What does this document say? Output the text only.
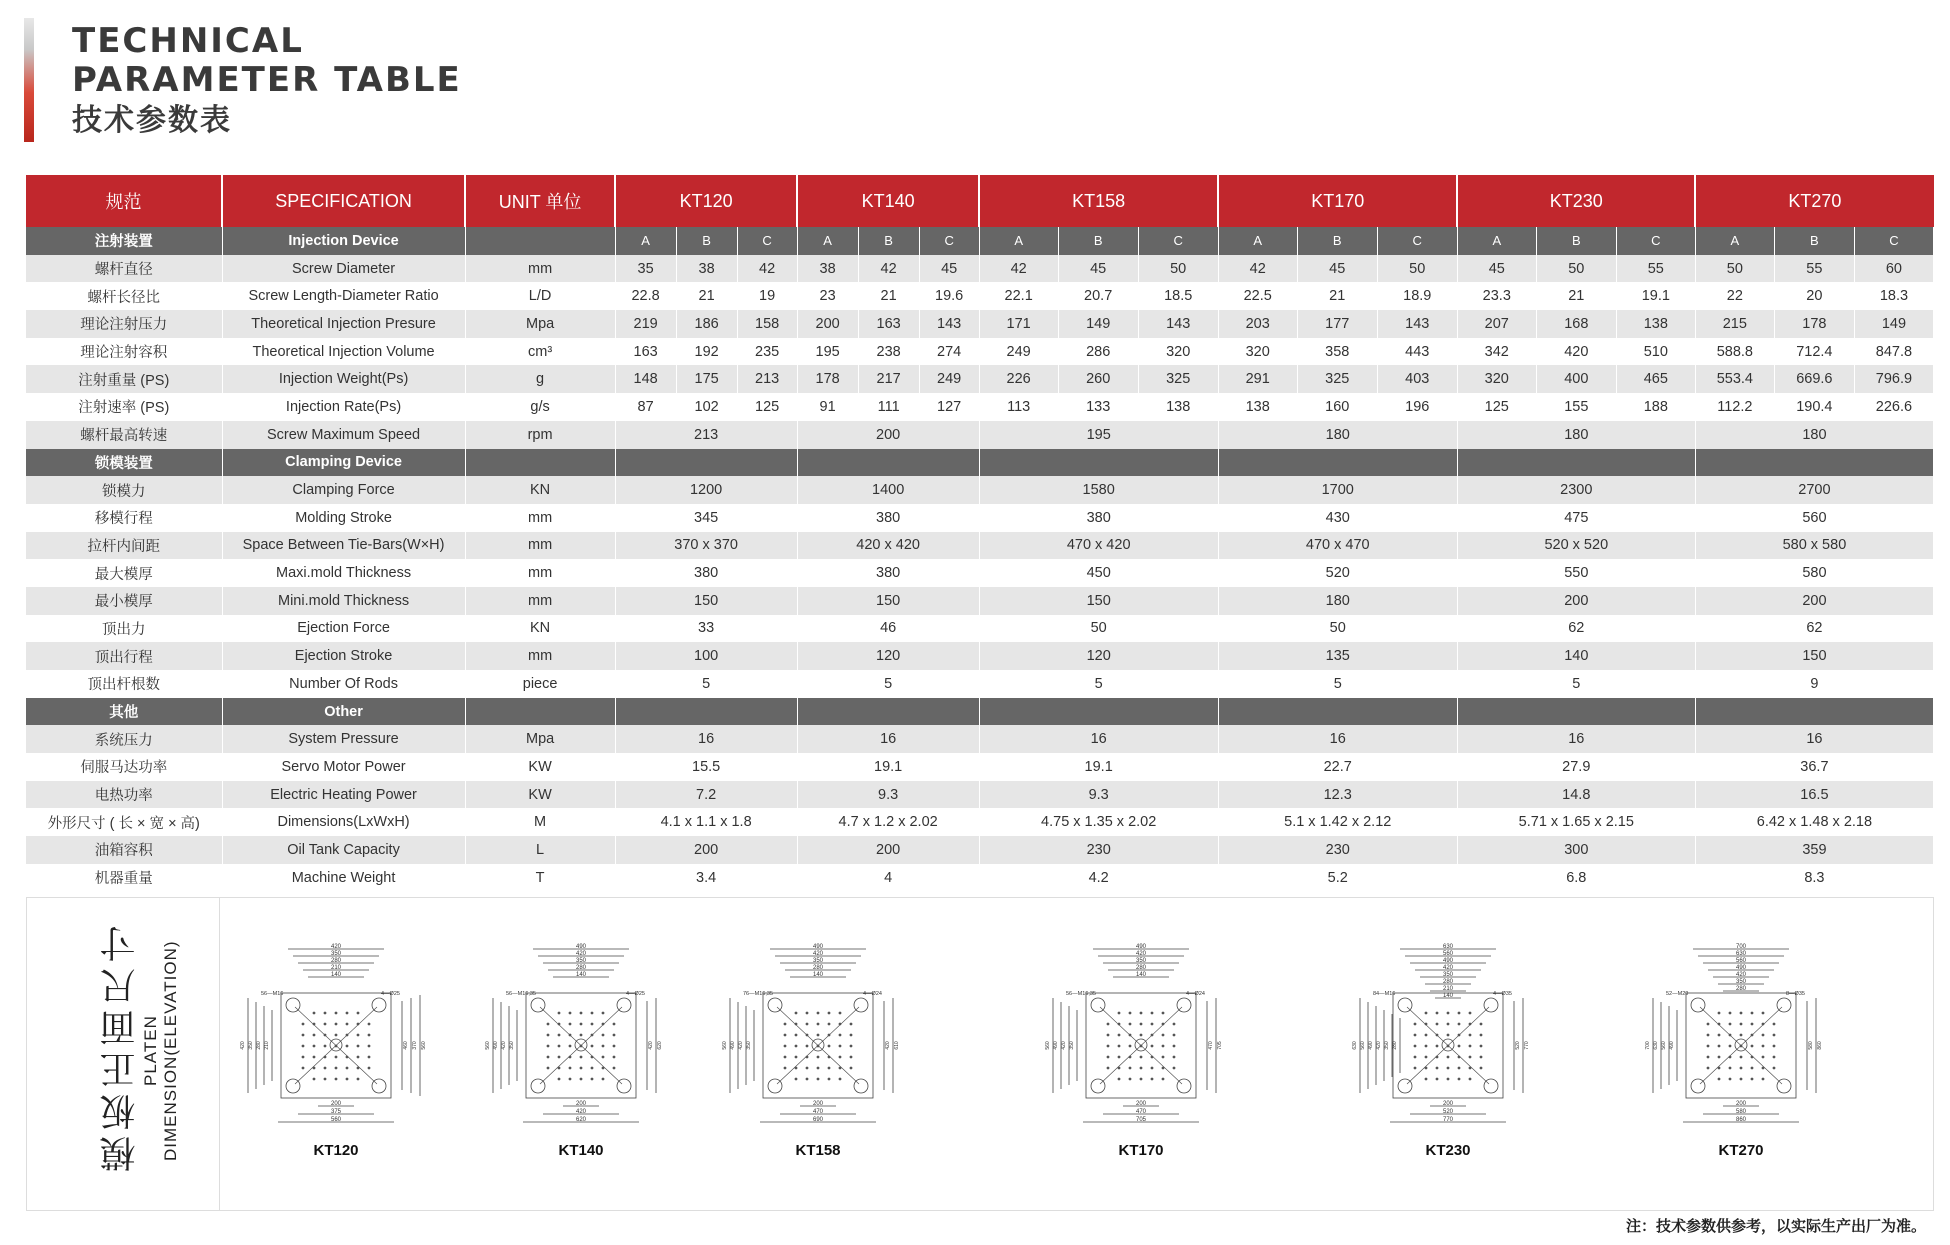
TECHNICAL
PARAMETER TABLE
技术参数表
规范	SPECIFICATION	UNIT 单位	KT120			KT140			KT158			KT170			KT230			KT270		
注射装置	Injection Device		A	B	C	A	B	C	A	B	C	A	B	C	A	B	C	A	B	C
螺杆直径	Screw Diameter	mm	35	38	42	38	42	45	42	45	50	42	45	50	45	50	55	50	55	60
螺杆长径比	Screw Length-Diameter Ratio	L/D	22.8	21	19	23	21	19.6	22.1	20.7	18.5	22.5	21	18.9	23.3	21	19.1	22	20	18.3
理论注射压力	Theoretical Injection Presure	Mpa	219	186	158	200	163	143	171	149	143	203	177	143	207	168	138	215	178	149
理论注射容积	Theoretical Injection Volume	cm³	163	192	235	195	238	274	249	286	320	320	358	443	342	420	510	588.8	712.4	847.8
注射重量 (PS)	Injection Weight(Ps)	g	148	175	213	178	217	249	226	260	325	291	325	403	320	400	465	553.4	669.6	796.9
注射速率 (PS)	Injection Rate(Ps)	g/s	87	102	125	91	111	127	113	133	138	138	160	196	125	155	188	112.2	190.4	226.6
螺杆最高转速	Screw Maximum Speed	rpm	213			200			195			180			180			180		
锁模装置	Clamping Device																			
锁模力	Clamping Force	KN	1200			1400			1580			1700			2300			2700		
移模行程	Molding Stroke	mm	345			380			380			430			475			560		
拉杆内间距	Space Between Tie-Bars(W×H)	mm	370 x 370			420 x 420			470 x 420			470 x 470			520 x 520			580 x 580		
最大模厚	Maxi.mold Thickness	mm	380			380			450			520			550			580		
最小模厚	Mini.mold Thickness	mm	150			150			150			180			200			200		
顶出力	Ejection Force	KN	33			46			50			50			62			62		
顶出行程	Ejection Stroke	mm	100			120			120			135			140			150		
顶出杆根数	Number Of Rods	piece	5			5			5			5			5			9		
其他	Other																			
系统压力	System Pressure	Mpa	16			16			16			16			16			16		
伺服马达功率	Servo Motor Power	KW	15.5			19.1			19.1			22.7			27.9			36.7		
电热功率	Electric Heating Power	KW	7.2			9.3			9.3			12.3			14.8			16.5		
外形尺寸 ( 长 × 宽 × 高)	Dimensions(LxWxH)	M	4.1 x 1.1 x 1.8			4.7 x 1.2 x 2.02			4.75 x 1.35 x 2.02			5.1 x 1.42 x 2.12			5.71 x 1.65 x 2.15			6.42 x 1.48 x 2.18		
油箱容积	Oil Tank Capacity	L	200			200			230			230			300			359		
机器重量	Machine Weight	T	3.4			4			4.2			5.2			6.8			8.3		
模板正面尺寸 PLATEN DIMENSION(ELEVATION)	420
350
280
210
140
420 350 280 210	460 370 560
56—M16	4—Ø25
200
375
560
KT120
490
420
350
280
140
560 490 420 350	420 620
56—M16,35	4—Ø25
200
420
620
KT140
490
420
350
280
140
560 490 420 350	420 610
76—M16,35	4—Ø24
200
470
690
KT158
490
420
350
280
140
560 490 420 350	470 705
56—M16,35	4—Ø24
200
470
705
KT170
630
560
490
420
350
280
210
140
630 560 490 420 350 280	520 770
84—M16	4—Ø35
200
520
770
KT230
700
630
560
490
420
350
280
700 630 560 490	580 860
52—M20	8—Ø35
200
580
860
KT270
注：技术参数供参考，以实际生产出厂为准。
